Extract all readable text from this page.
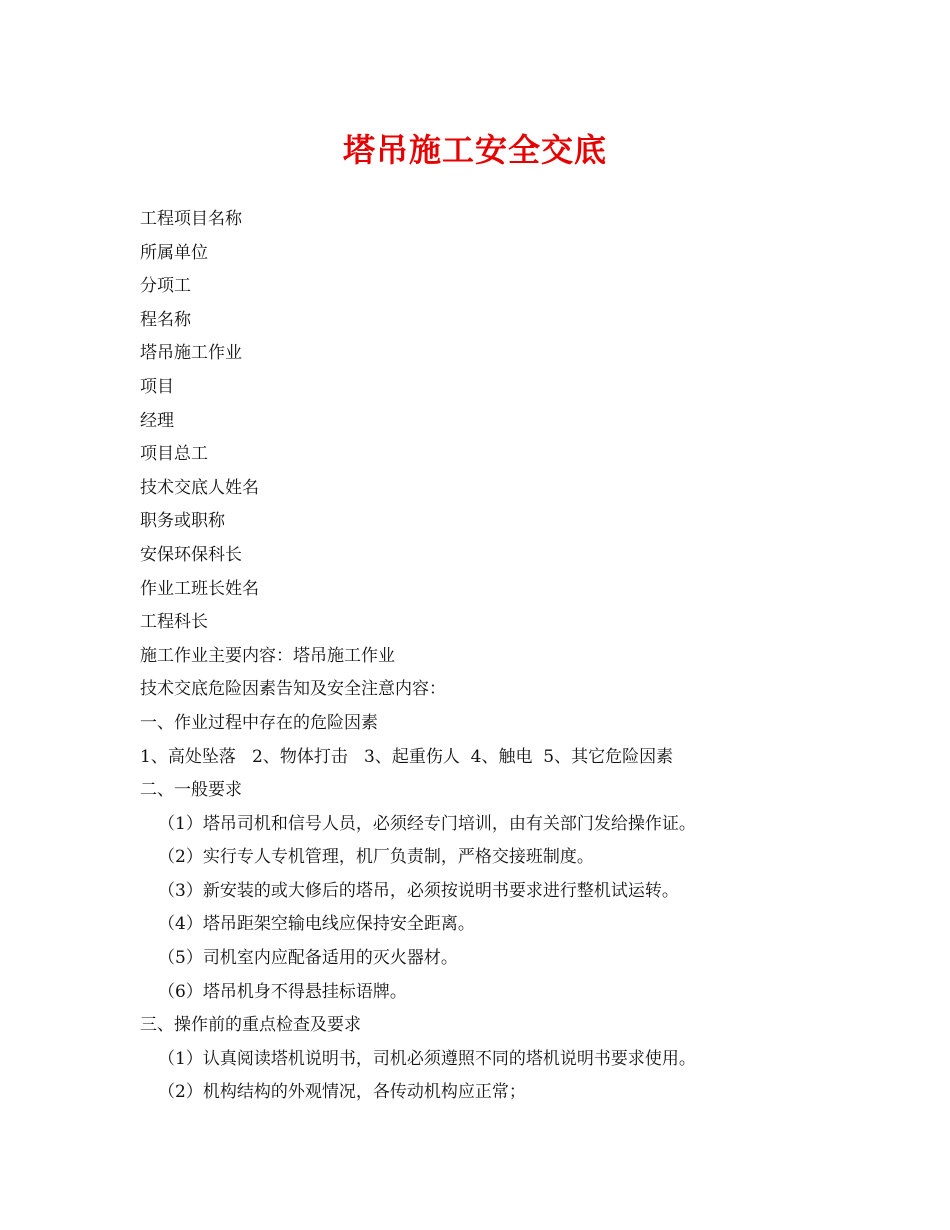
塔吊施工安全交底
工程项目名称
所属单位
分项工
程名称
塔吊施工作业
项目
经理
项目总工
技术交底人姓名
职务或职称
安保环保科长
作业工班长姓名
工程科长
施工作业主要内容：塔吊施工作业
技术交底危险因素告知及安全注意内容：
一、作业过程中存在的危险因素
1、高处坠落   2、物体打击   3、起重伤人  4、触电  5、其它危险因素
二、一般要求
（1）塔吊司机和信号人员，必须经专门培训，由有关部门发给操作证。
（2）实行专人专机管理，机厂负责制，严格交接班制度。
（3）新安装的或大修后的塔吊，必须按说明书要求进行整机试运转。
（4）塔吊距架空输电线应保持安全距离。
（5）司机室内应配备适用的灭火器材。
（6）塔吊机身不得悬挂标语牌。
三、操作前的重点检查及要求
（1）认真阅读塔机说明书，司机必须遵照不同的塔机说明书要求使用。
（2）机构结构的外观情况，各传动机构应正常；
